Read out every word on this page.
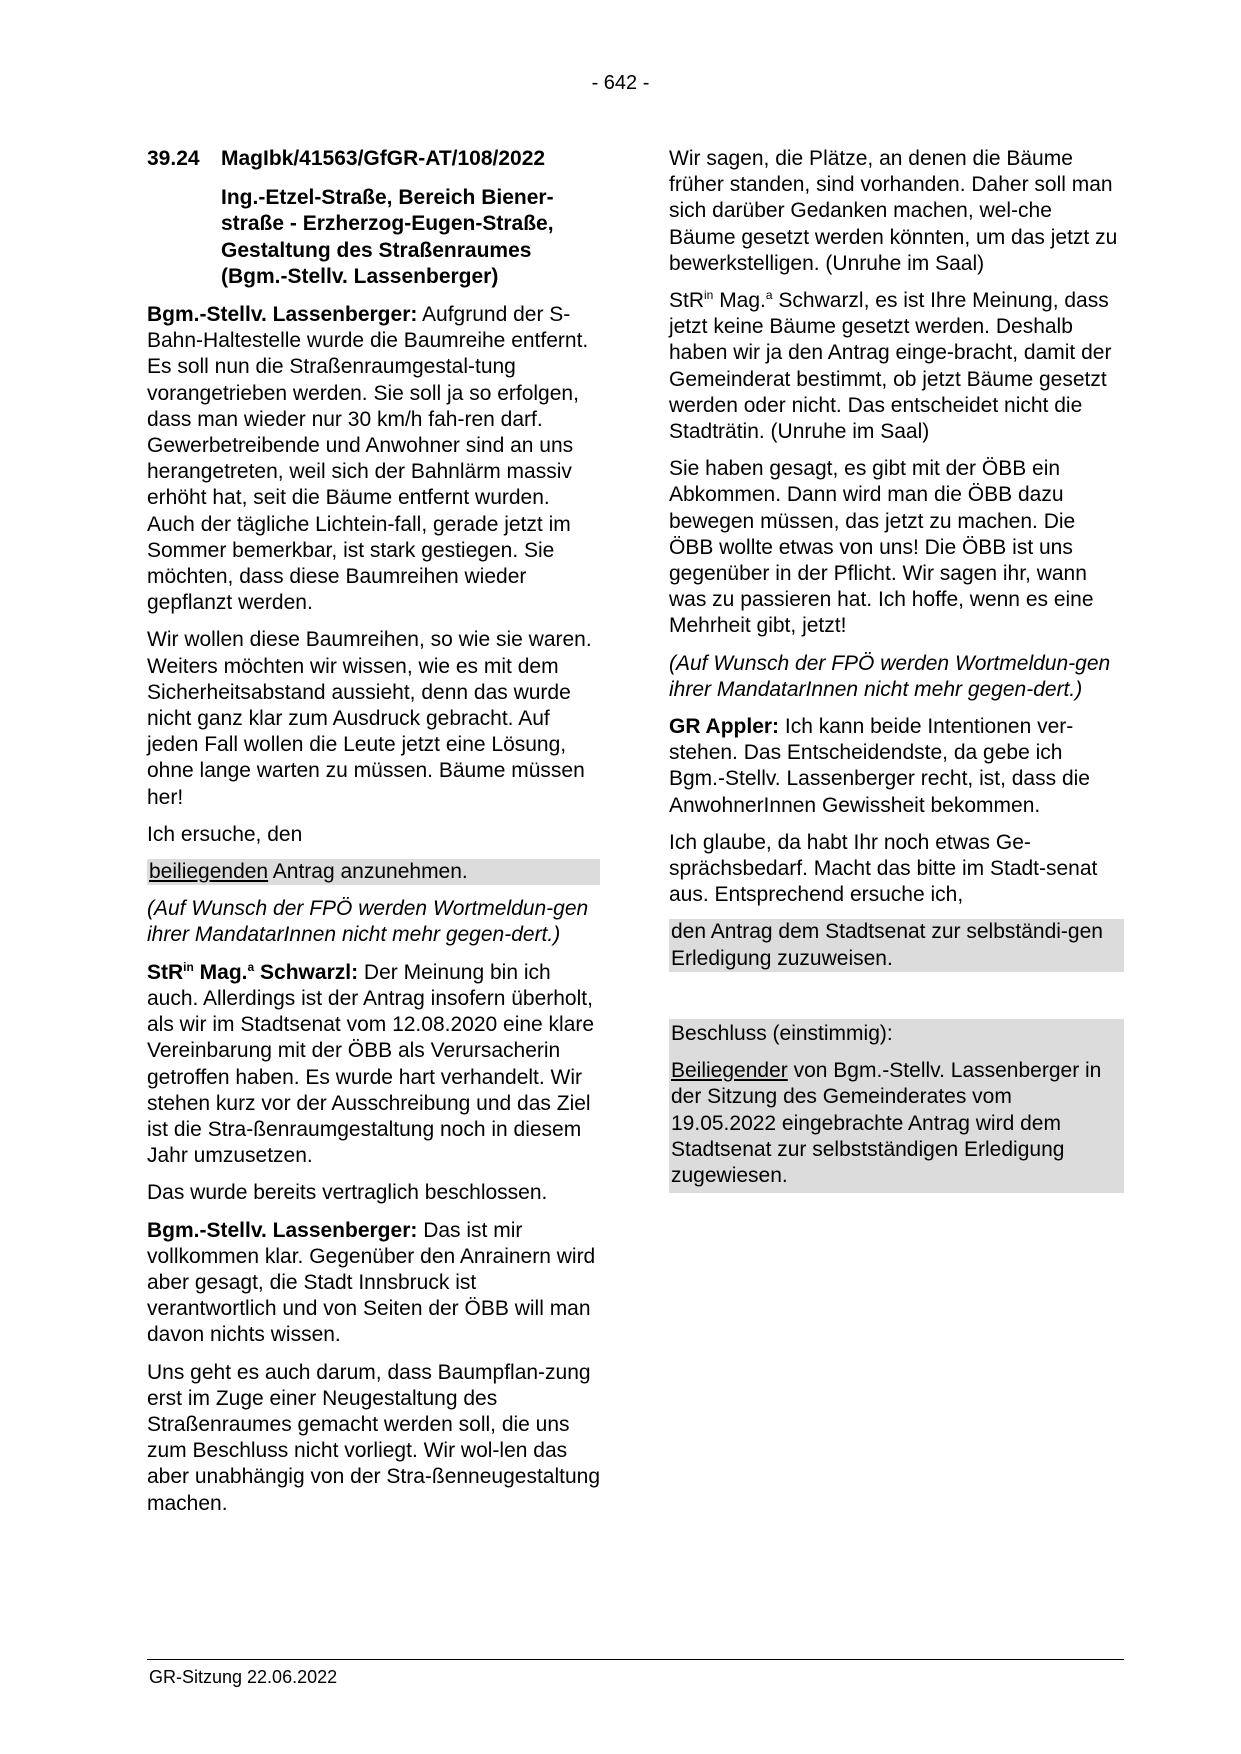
- 642 -

39.24 MagIbk/41563/GfGR-AT/108/2022

Ing.-Etzel-Straße, Bereich Biener-
straße - Erzherzog-Eugen-Straße,
Gestaltung des Straßenraumes
(Bgm.-Stellv. Lassenberger)

Bgm.-Stellv. Lassenberger: Aufgrund der S-Bahn-Haltestelle wurde die Baumreihe entfernt. Es soll nun die Straßenraumgestal-tung vorangetrieben werden. Sie soll ja so erfolgen, dass man wieder nur 30 km/h fah-ren darf. Gewerbetreibende und Anwohner sind an uns herangetreten, weil sich der Bahnlärm massiv erhöht hat, seit die Bäume entfernt wurden. Auch der tägliche Lichtein-fall, gerade jetzt im Sommer bemerkbar, ist stark gestiegen. Sie möchten, dass diese Baumreihen wieder gepflanzt werden.

Wir wollen diese Baumreihen, so wie sie waren. Weiters möchten wir wissen, wie es mit dem Sicherheitsabstand aussieht, denn das wurde nicht ganz klar zum Ausdruck gebracht. Auf jeden Fall wollen die Leute jetzt eine Lösung, ohne lange warten zu müssen. Bäume müssen her!

Ich ersuche, den

beiliegenden Antrag anzunehmen.

(Auf Wunsch der FPÖ werden Wortmeldun-gen ihrer MandatarInnen nicht mehr gegen-dert.)

StR$^{in}$ Mag.$^a$ Schwarzl: Der Meinung bin ich auch. Allerdings ist der Antrag insofern überholt, als wir im Stadtsenat vom 12.08.2020 eine klare Vereinbarung mit der ÖBB als Verursacherin getroffen haben. Es wurde hart verhandelt. Wir stehen kurz vor der Ausschreibung und das Ziel ist die Stra-ßenraumgestaltung noch in diesem Jahr umzusetzen.

Das wurde bereits vertraglich beschlossen.

Bgm.-Stellv. Lassenberger: Das ist mir vollkommen klar. Gegenüber den Anrainern wird aber gesagt, die Stadt Innsbruck ist verantwortlich und von Seiten der ÖBB will man davon nichts wissen.

Uns geht es auch darum, dass Baumpflan-zung erst im Zuge einer Neugestaltung des Straßenraumes gemacht werden soll, die uns zum Beschluss nicht vorliegt. Wir wol-len das aber unabhängig von der Stra-ßenneugestaltung machen.

Wir sagen, die Plätze, an denen die Bäume früher standen, sind vorhanden. Daher soll man sich darüber Gedanken machen, wel-che Bäume gesetzt werden könnten, um das jetzt zu bewerkstelligen. (Unruhe im Saal)

StR$^{in}$ Mag.$^a$ Schwarzl, es ist Ihre Meinung, dass jetzt keine Bäume gesetzt werden. Deshalb haben wir ja den Antrag einge-bracht, damit der Gemeinderat bestimmt, ob jetzt Bäume gesetzt werden oder nicht. Das entscheidet nicht die Stadträtin. (Unruhe im Saal)

Sie haben gesagt, es gibt mit der ÖBB ein Abkommen. Dann wird man die ÖBB dazu bewegen müssen, das jetzt zu machen. Die ÖBB wollte etwas von uns! Die ÖBB ist uns gegenüber in der Pflicht. Wir sagen ihr, wann was zu passieren hat. Ich hoffe, wenn es eine Mehrheit gibt, jetzt!

(Auf Wunsch der FPÖ werden Wortmeldun-gen ihrer MandatarInnen nicht mehr gegen-dert.)

GR Appler: Ich kann beide Intentionen ver-stehen. Das Entscheidendste, da gebe ich Bgm.-Stellv. Lassenberger recht, ist, dass die AnwohnerInnen Gewissheit bekommen.

Ich glaube, da habt Ihr noch etwas Ge-sprächsbedarf. Macht das bitte im Stadt-senat aus. Entsprechend ersuche ich,

den Antrag dem Stadtsenat zur selbständi-gen Erledigung zuzuweisen.

Beschluss (einstimmig):

Beiliegender von Bgm.-Stellv. Lassenberger in der Sitzung des Gemeinderates vom 19.05.2022 eingebrachte Antrag wird dem Stadtsenat zur selbstständigen Erledigung zugewiesen.

GR-Sitzung 22.06.2022
